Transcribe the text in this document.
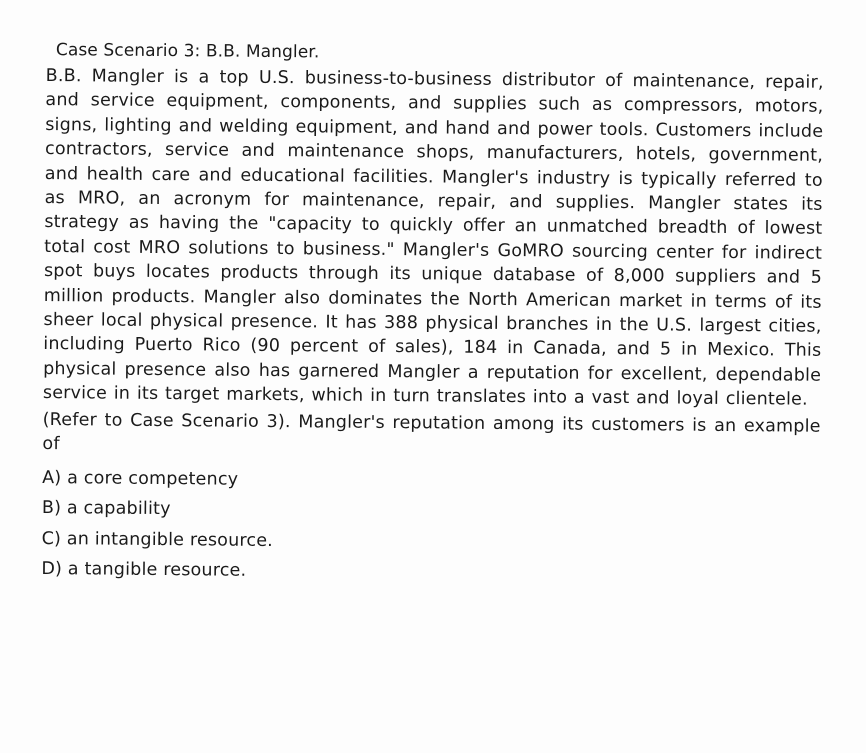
Case Scenario 3: B.B. Mangler.

B.B. Mangler is a top U.S. business-to-business distributor of maintenance, repair, and service equipment, components, and supplies such as compressors, motors, signs, lighting and welding equipment, and hand and power tools. Customers include contractors, service and maintenance shops, manufacturers, hotels, government, and health care and educational facilities. Mangler's industry is typically referred to as MRO, an acronym for maintenance, repair, and supplies. Mangler states its strategy as having the "capacity to quickly offer an unmatched breadth of lowest total cost MRO solutions to business." Mangler's GoMRO sourcing center for indirect spot buys locates products through its unique database of 8,000 suppliers and 5 million products. Mangler also dominates the North American market in terms of its sheer local physical presence. It has 388 physical branches in the U.S. largest cities, including Puerto Rico (90 percent of sales), 184 in Canada, and 5 in Mexico. This physical presence also has garnered Mangler a reputation for excellent, dependable service in its target markets, which in turn translates into a vast and loyal clientele.

(Refer to Case Scenario 3). Mangler's reputation among its customers is an example of

A) a core competency
B) a capability
C) an intangible resource.
D) a tangible resource.
